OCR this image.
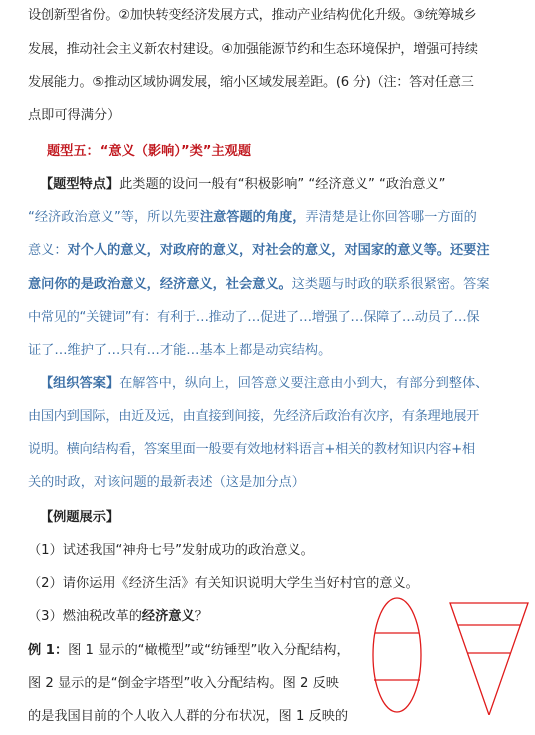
设创新型省份。②加快转变经济发展方式，推动产业结构优化升级。③统筹城乡
发展，推动社会主义新农村建设。④加强能源节约和生态环境保护，增强可持续
发展能力。⑤推动区域协调发展，缩小区域发展差距。(6 分)（注：答对任意三
点即可得满分）
题型五：“意义（影响）”类”主观题
【题型特点】此类题的设问一般有“积极影响” “经济意义” “政治意义”
“经济政治意义”等，所以先要注意答题的角度，弄清楚是让你回答哪一方面的
意义：对个人的意义，对政府的意义，对社会的意义，对国家的意义等。还要注
意问你的是政治意义，经济意义，社会意义。这类题与时政的联系很紧密。答案
中常见的“关键词”有：有利于…推动了…促进了…增强了…保障了…动员了…保
证了…维护了…只有…才能…基本上都是动宾结构。
【组织答案】在解答中，纵向上，回答意义要注意由小到大，有部分到整体、
由国内到国际，由近及远，由直接到间接，先经济后政治有次序，有条理地展开
说明。横向结构看，答案里面一般要有效地材料语言+相关的教材知识内容+相
关的时政，对该问题的最新表述（这是加分点）
【例题展示】
（1）试述我国“神舟七号”发射成功的政治意义。
（2）请你运用《经济生活》有关知识说明大学生当好村官的意义。
（3）燃油税改革的经济意义？
例 1：图 1 显示的“橄榄型”或“纺锤型”收入分配结构，
图 2 显示的是“倒金字塔型”收入分配结构。图 2 反映
的是我国目前的个人收入人群的分布状况，图 1 反映的
